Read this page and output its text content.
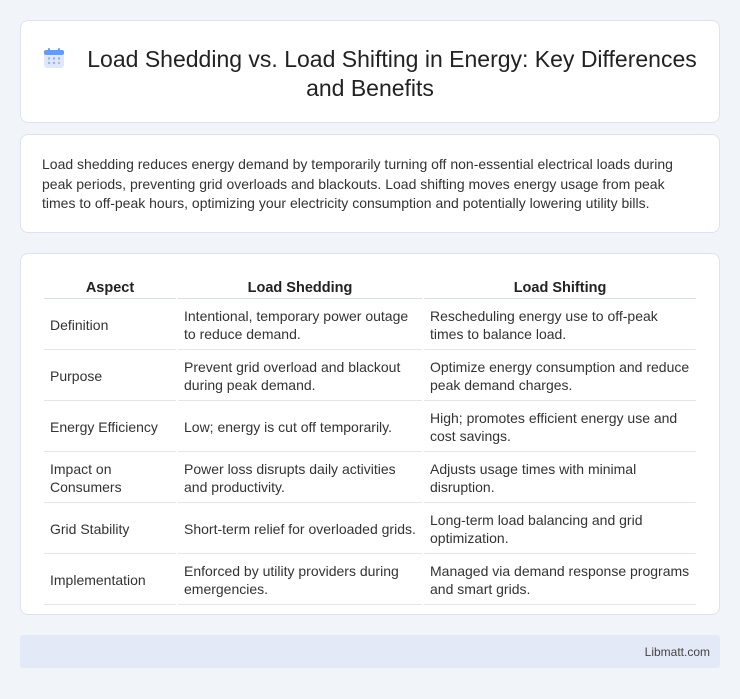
Load Shedding vs. Load Shifting in Energy: Key Differences and Benefits

Load shedding reduces energy demand by temporarily turning off non-essential electrical loads during peak periods, preventing grid overloads and blackouts. Load shifting moves energy usage from peak times to off-peak hours, optimizing your electricity consumption and potentially lowering utility bills.

Aspect	Load Shedding	Load Shifting
Definition	Intentional, temporary power outage to reduce demand.	Rescheduling energy use to off-peak times to balance load.
Purpose	Prevent grid overload and blackout during peak demand.	Optimize energy consumption and reduce peak demand charges.
Energy Efficiency	Low; energy is cut off temporarily.	High; promotes efficient energy use and cost savings.
Impact on Consumers	Power loss disrupts daily activities and productivity.	Adjusts usage times with minimal disruption.
Grid Stability	Short-term relief for overloaded grids.	Long-term load balancing and grid optimization.
Implementation	Enforced by utility providers during emergencies.	Managed via demand response programs and smart grids.
Libmatt.com
